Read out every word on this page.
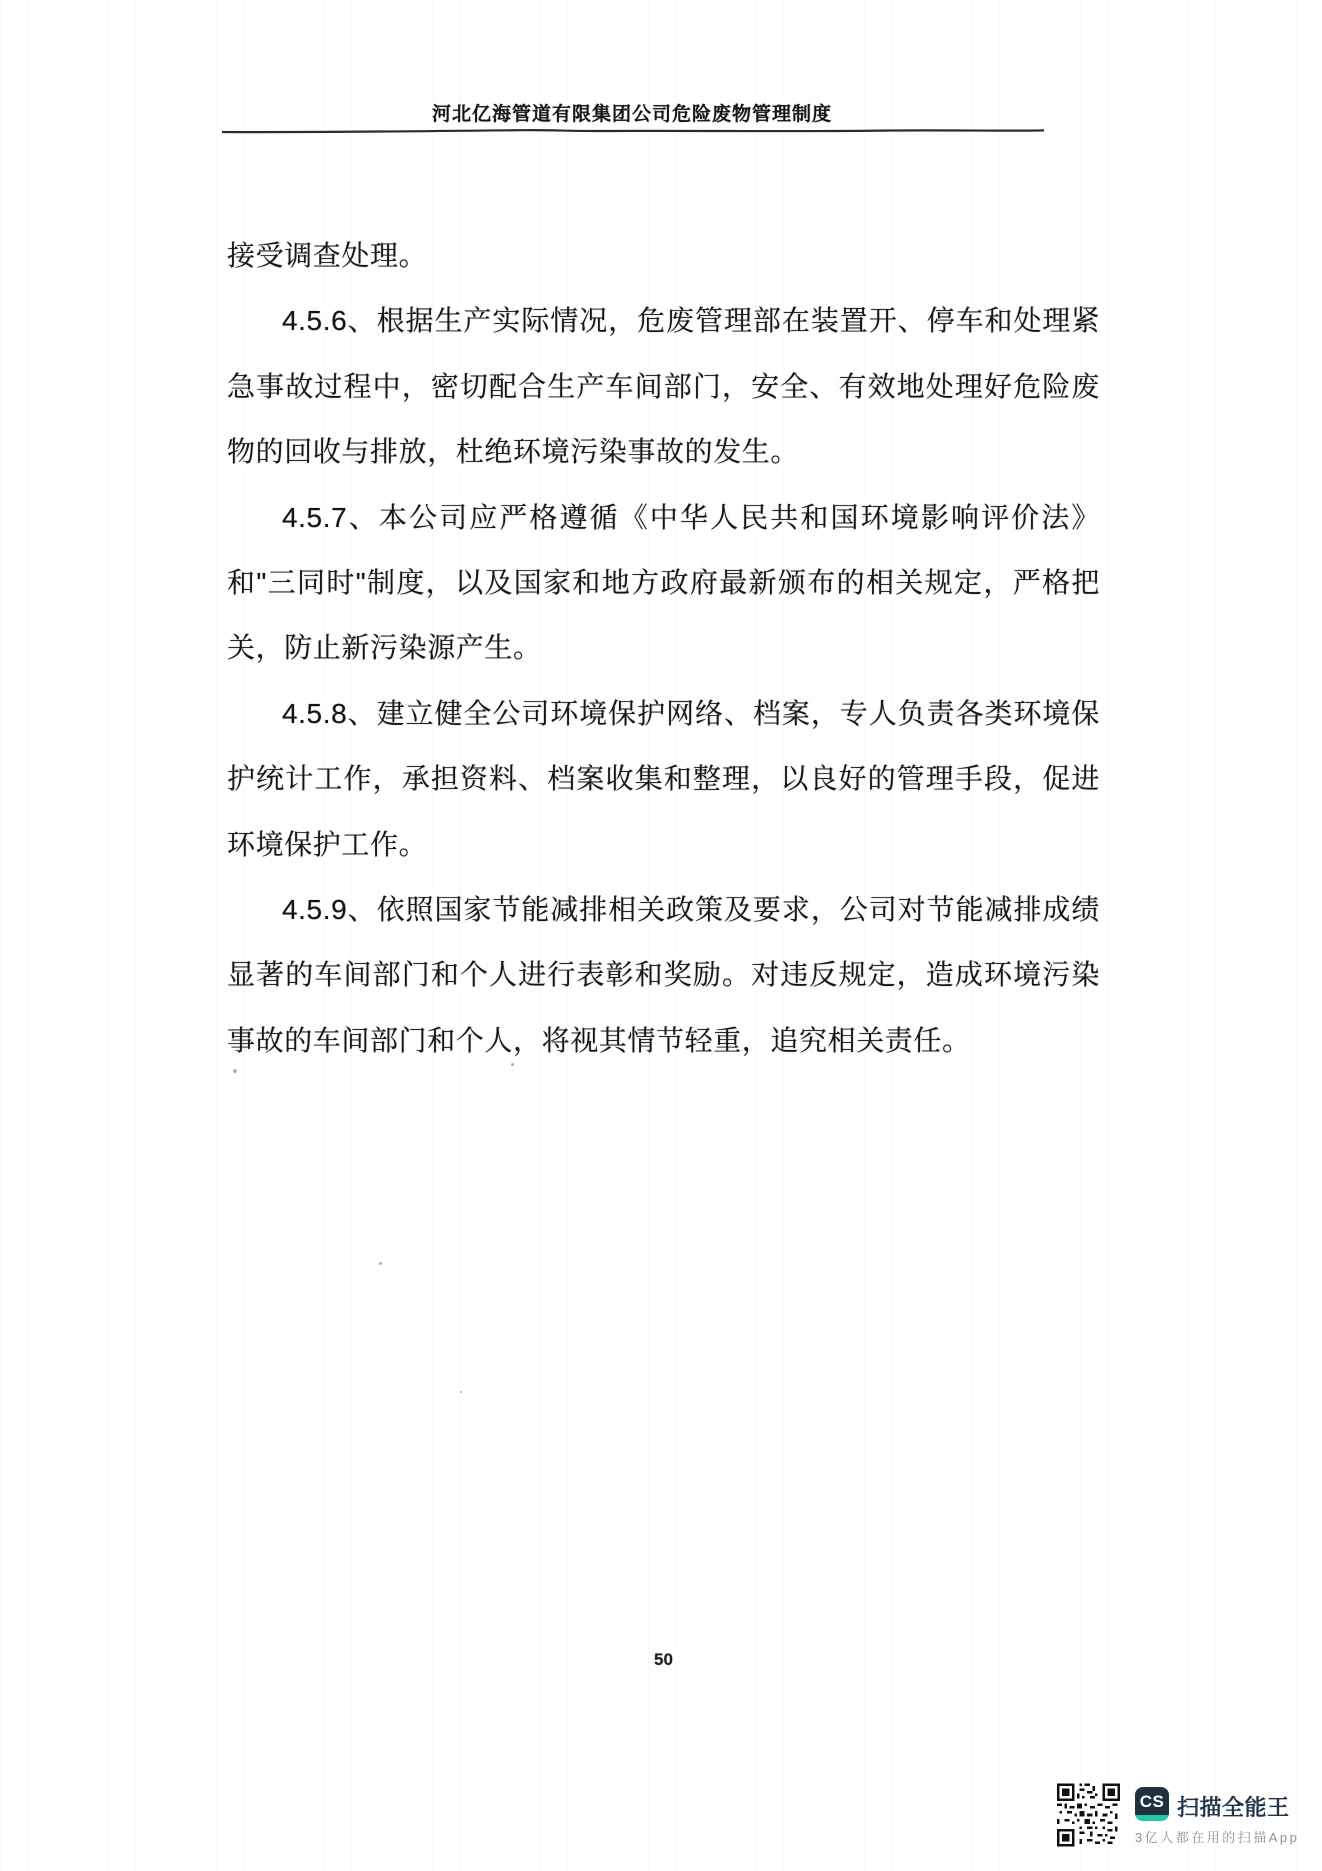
河北亿海管道有限集团公司危险废物管理制度

接受调查处理。

4.5.6、根据生产实际情况，危废管理部在装置开、停车和处理紧急事故过程中，密切配合生产车间部门，安全、有效地处理好危险废物的回收与排放，杜绝环境污染事故的发生。

4.5.7、本公司应严格遵循《中华人民共和国环境影响评价法》和"三同时"制度，以及国家和地方政府最新颁布的相关规定，严格把关，防止新污染源产生。

4.5.8、建立健全公司环境保护网络、档案，专人负责各类环境保护统计工作，承担资料、档案收集和整理，以良好的管理手段，促进环境保护工作。

4.5.9、依照国家节能减排相关政策及要求，公司对节能减排成绩显著的车间部门和个人进行表彰和奖励。对违反规定，造成环境污染事故的车间部门和个人，将视其情节轻重，追究相关责任。

50
CS 扫描全能王
3亿人都在用的扫描App
